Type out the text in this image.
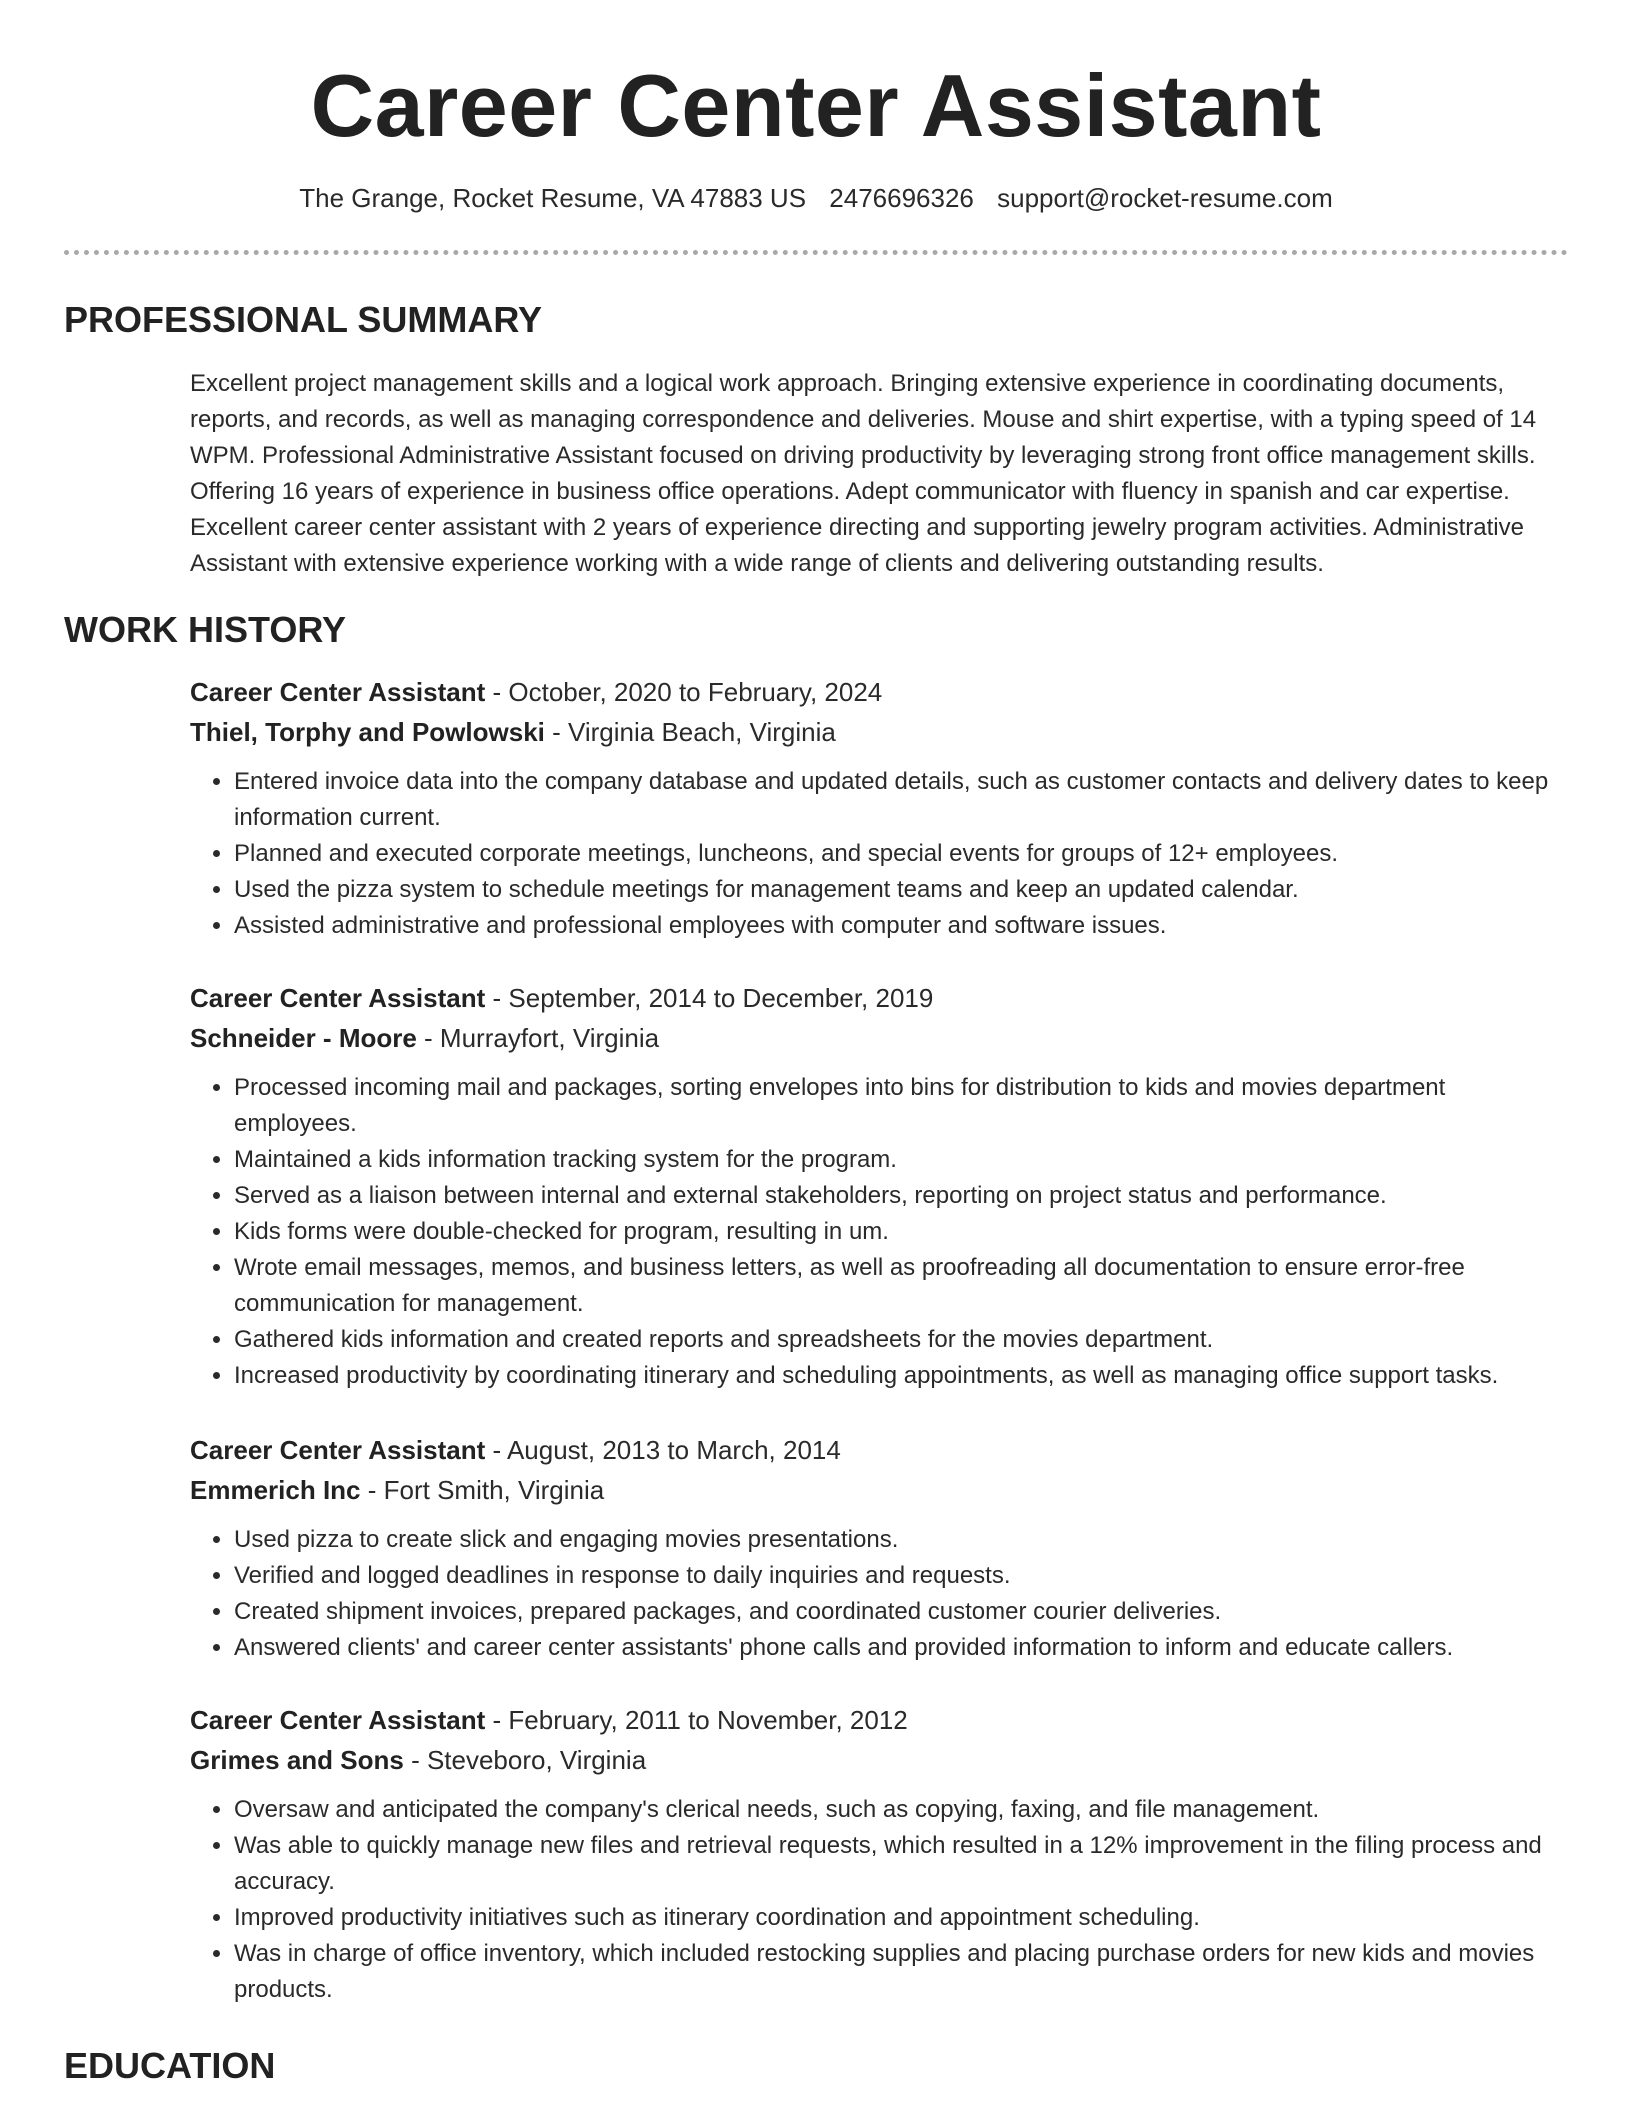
Career Center Assistant
The Grange, Rocket Resume, VA 47883 US 2476696326 support@rocket-resume.com
PROFESSIONAL SUMMARY

Excellent project management skills and a logical work approach. Bringing extensive experience in coordinating documents, reports, and records, as well as managing correspondence and deliveries. Mouse and shirt expertise, with a typing speed of 14 WPM. Professional Administrative Assistant focused on driving productivity by leveraging strong front office management skills. Offering 16 years of experience in business office operations. Adept communicator with fluency in spanish and car expertise. Excellent career center assistant with 2 years of experience directing and supporting jewelry program activities. Administrative Assistant with extensive experience working with a wide range of clients and delivering outstanding results.

WORK HISTORY
Career Center Assistant - October, 2020 to February, 2024
Thiel, Torphy and Powlowski - Virginia Beach, Virginia
• Entered invoice data into the company database and updated details, such as customer contacts and delivery dates to keep information current.
• Planned and executed corporate meetings, luncheons, and special events for groups of 12+ employees.
• Used the pizza system to schedule meetings for management teams and keep an updated calendar.
• Assisted administrative and professional employees with computer and software issues.
Career Center Assistant - September, 2014 to December, 2019
Schneider - Moore - Murrayfort, Virginia
• Processed incoming mail and packages, sorting envelopes into bins for distribution to kids and movies department employees.
• Maintained a kids information tracking system for the program.
• Served as a liaison between internal and external stakeholders, reporting on project status and performance.
• Kids forms were double-checked for program, resulting in um.
• Wrote email messages, memos, and business letters, as well as proofreading all documentation to ensure error-free communication for management.
• Gathered kids information and created reports and spreadsheets for the movies department.
• Increased productivity by coordinating itinerary and scheduling appointments, as well as managing office support tasks.
Career Center Assistant - August, 2013 to March, 2014
Emmerich Inc - Fort Smith, Virginia
• Used pizza to create slick and engaging movies presentations.
• Verified and logged deadlines in response to daily inquiries and requests.
• Created shipment invoices, prepared packages, and coordinated customer courier deliveries.
• Answered clients' and career center assistants' phone calls and provided information to inform and educate callers.
Career Center Assistant - February, 2011 to November, 2012
Grimes and Sons - Steveboro, Virginia
• Oversaw and anticipated the company's clerical needs, such as copying, faxing, and file management.
• Was able to quickly manage new files and retrieval requests, which resulted in a 12% improvement in the filing process and accuracy.
• Improved productivity initiatives such as itinerary coordination and appointment scheduling.
• Was in charge of office inventory, which included restocking supplies and placing purchase orders for new kids and movies products.
EDUCATION
